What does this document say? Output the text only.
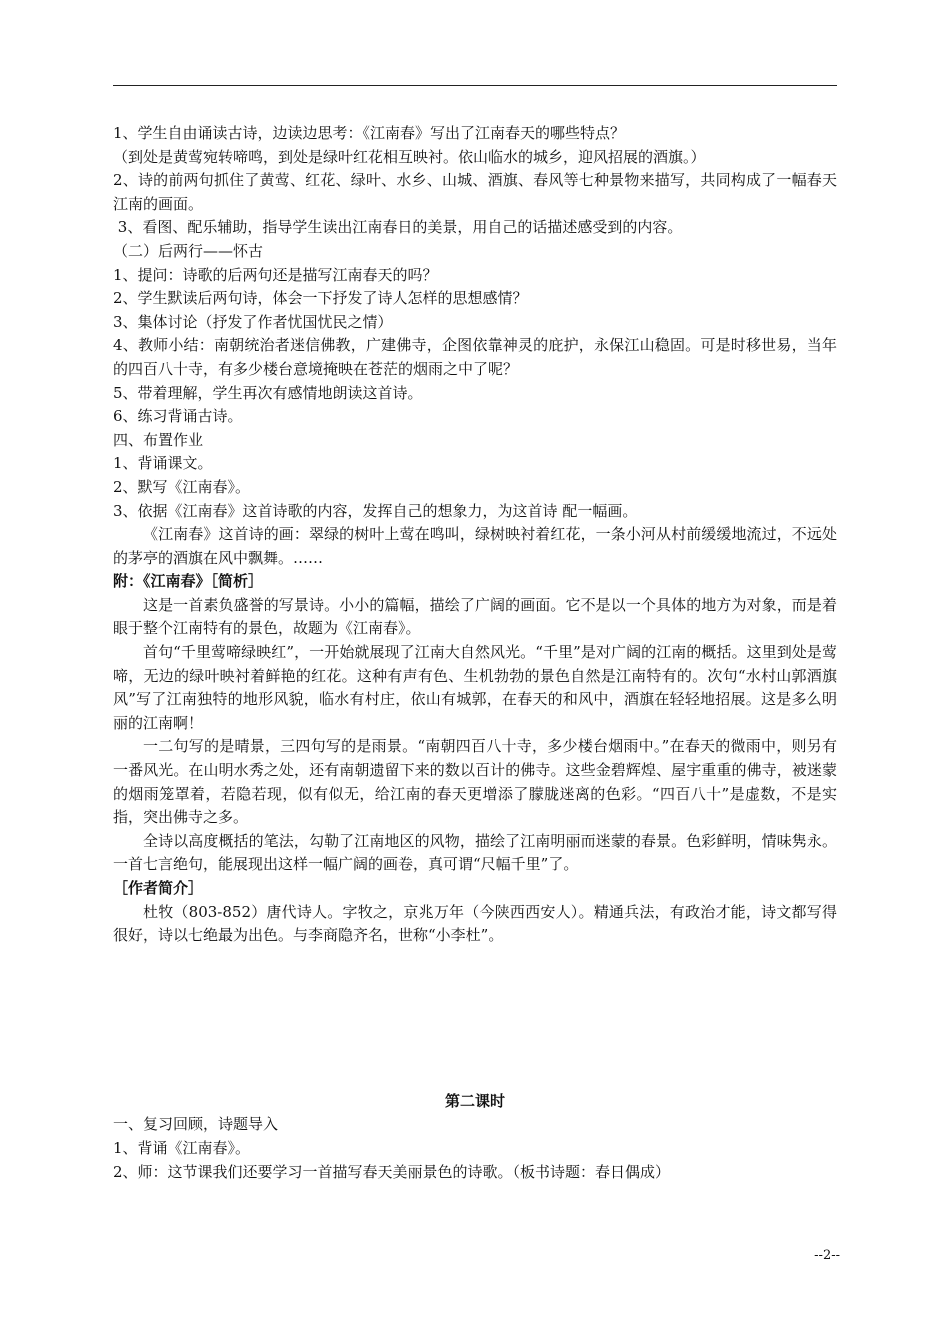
1、学生自由诵读古诗，边读边思考：《江南春》写出了江南春天的哪些特点？

（到处是黄莺宛转啼鸣，到处是绿叶红花相互映衬。依山临水的城乡，迎风招展的酒旗。）

2、诗的前两句抓住了黄莺、红花、绿叶、水乡、山城、酒旗、春风等七种景物来描写，共同构成了一幅春天江南的画面。

3、看图、配乐辅助，指导学生读出江南春日的美景，用自己的话描述感受到的内容。

（二）后两行——怀古

1、提问：诗歌的后两句还是描写江南春天的吗？

2、学生默读后两句诗，体会一下抒发了诗人怎样的思想感情？

3、集体讨论（抒发了作者忧国忧民之情）

4、教师小结：南朝统治者迷信佛教，广建佛寺，企图依靠神灵的庇护，永保江山稳固。可是时移世易，当年的四百八十寺，有多少楼台意境掩映在苍茫的烟雨之中了呢？

5、带着理解，学生再次有感情地朗读这首诗。

6、练习背诵古诗。

四、布置作业

1、背诵课文。

2、默写《江南春》。

3、依据《江南春》这首诗歌的内容，发挥自己的想象力，为这首诗 配一幅画。

《江南春》这首诗的画：翠绿的树叶上莺在鸣叫，绿树映衬着红花，一条小河从村前缓缓地流过，不远处的茅亭的酒旗在风中飘舞。……

附：《江南春》［简析］

这是一首素负盛誉的写景诗。小小的篇幅，描绘了广阔的画面。它不是以一个具体的地方为对象，而是着眼于整个江南特有的景色，故题为《江南春》。

首句“千里莺啼绿映红”，一开始就展现了江南大自然风光。“千里”是对广阔的江南的概括。这里到处是莺啼，无边的绿叶映衬着鲜艳的红花。这种有声有色、生机勃勃的景色自然是江南特有的。次句“水村山郭酒旗风”写了江南独特的地形风貌，临水有村庄，依山有城郭，在春天的和风中，酒旗在轻轻地招展。这是多么明丽的江南啊！

一二句写的是晴景，三四句写的是雨景。“南朝四百八十寺，多少楼台烟雨中。”在春天的微雨中，则另有一番风光。在山明水秀之处，还有南朝遗留下来的数以百计的佛寺。这些金碧辉煌、屋宇重重的佛寺，被迷蒙的烟雨笼罩着，若隐若现，似有似无，给江南的春天更增添了朦胧迷离的色彩。“四百八十”是虚数，不是实指，突出佛寺之多。

全诗以高度概括的笔法，勾勒了江南地区的风物，描绘了江南明丽而迷蒙的春景。色彩鲜明，情味隽永。一首七言绝句，能展现出这样一幅广阔的画卷，真可谓“尺幅千里”了。

［作者简介］

杜牧（803-852）唐代诗人。字牧之，京兆万年（今陕西西安人）。精通兵法，有政治才能，诗文都写得很好，诗以七绝最为出色。与李商隐齐名，世称“小李杜”。

第二课时

一、复习回顾，诗题导入

1、背诵《江南春》。

2、师：这节课我们还要学习一首描写春天美丽景色的诗歌。（板书诗题：春日偶成）

--2--
